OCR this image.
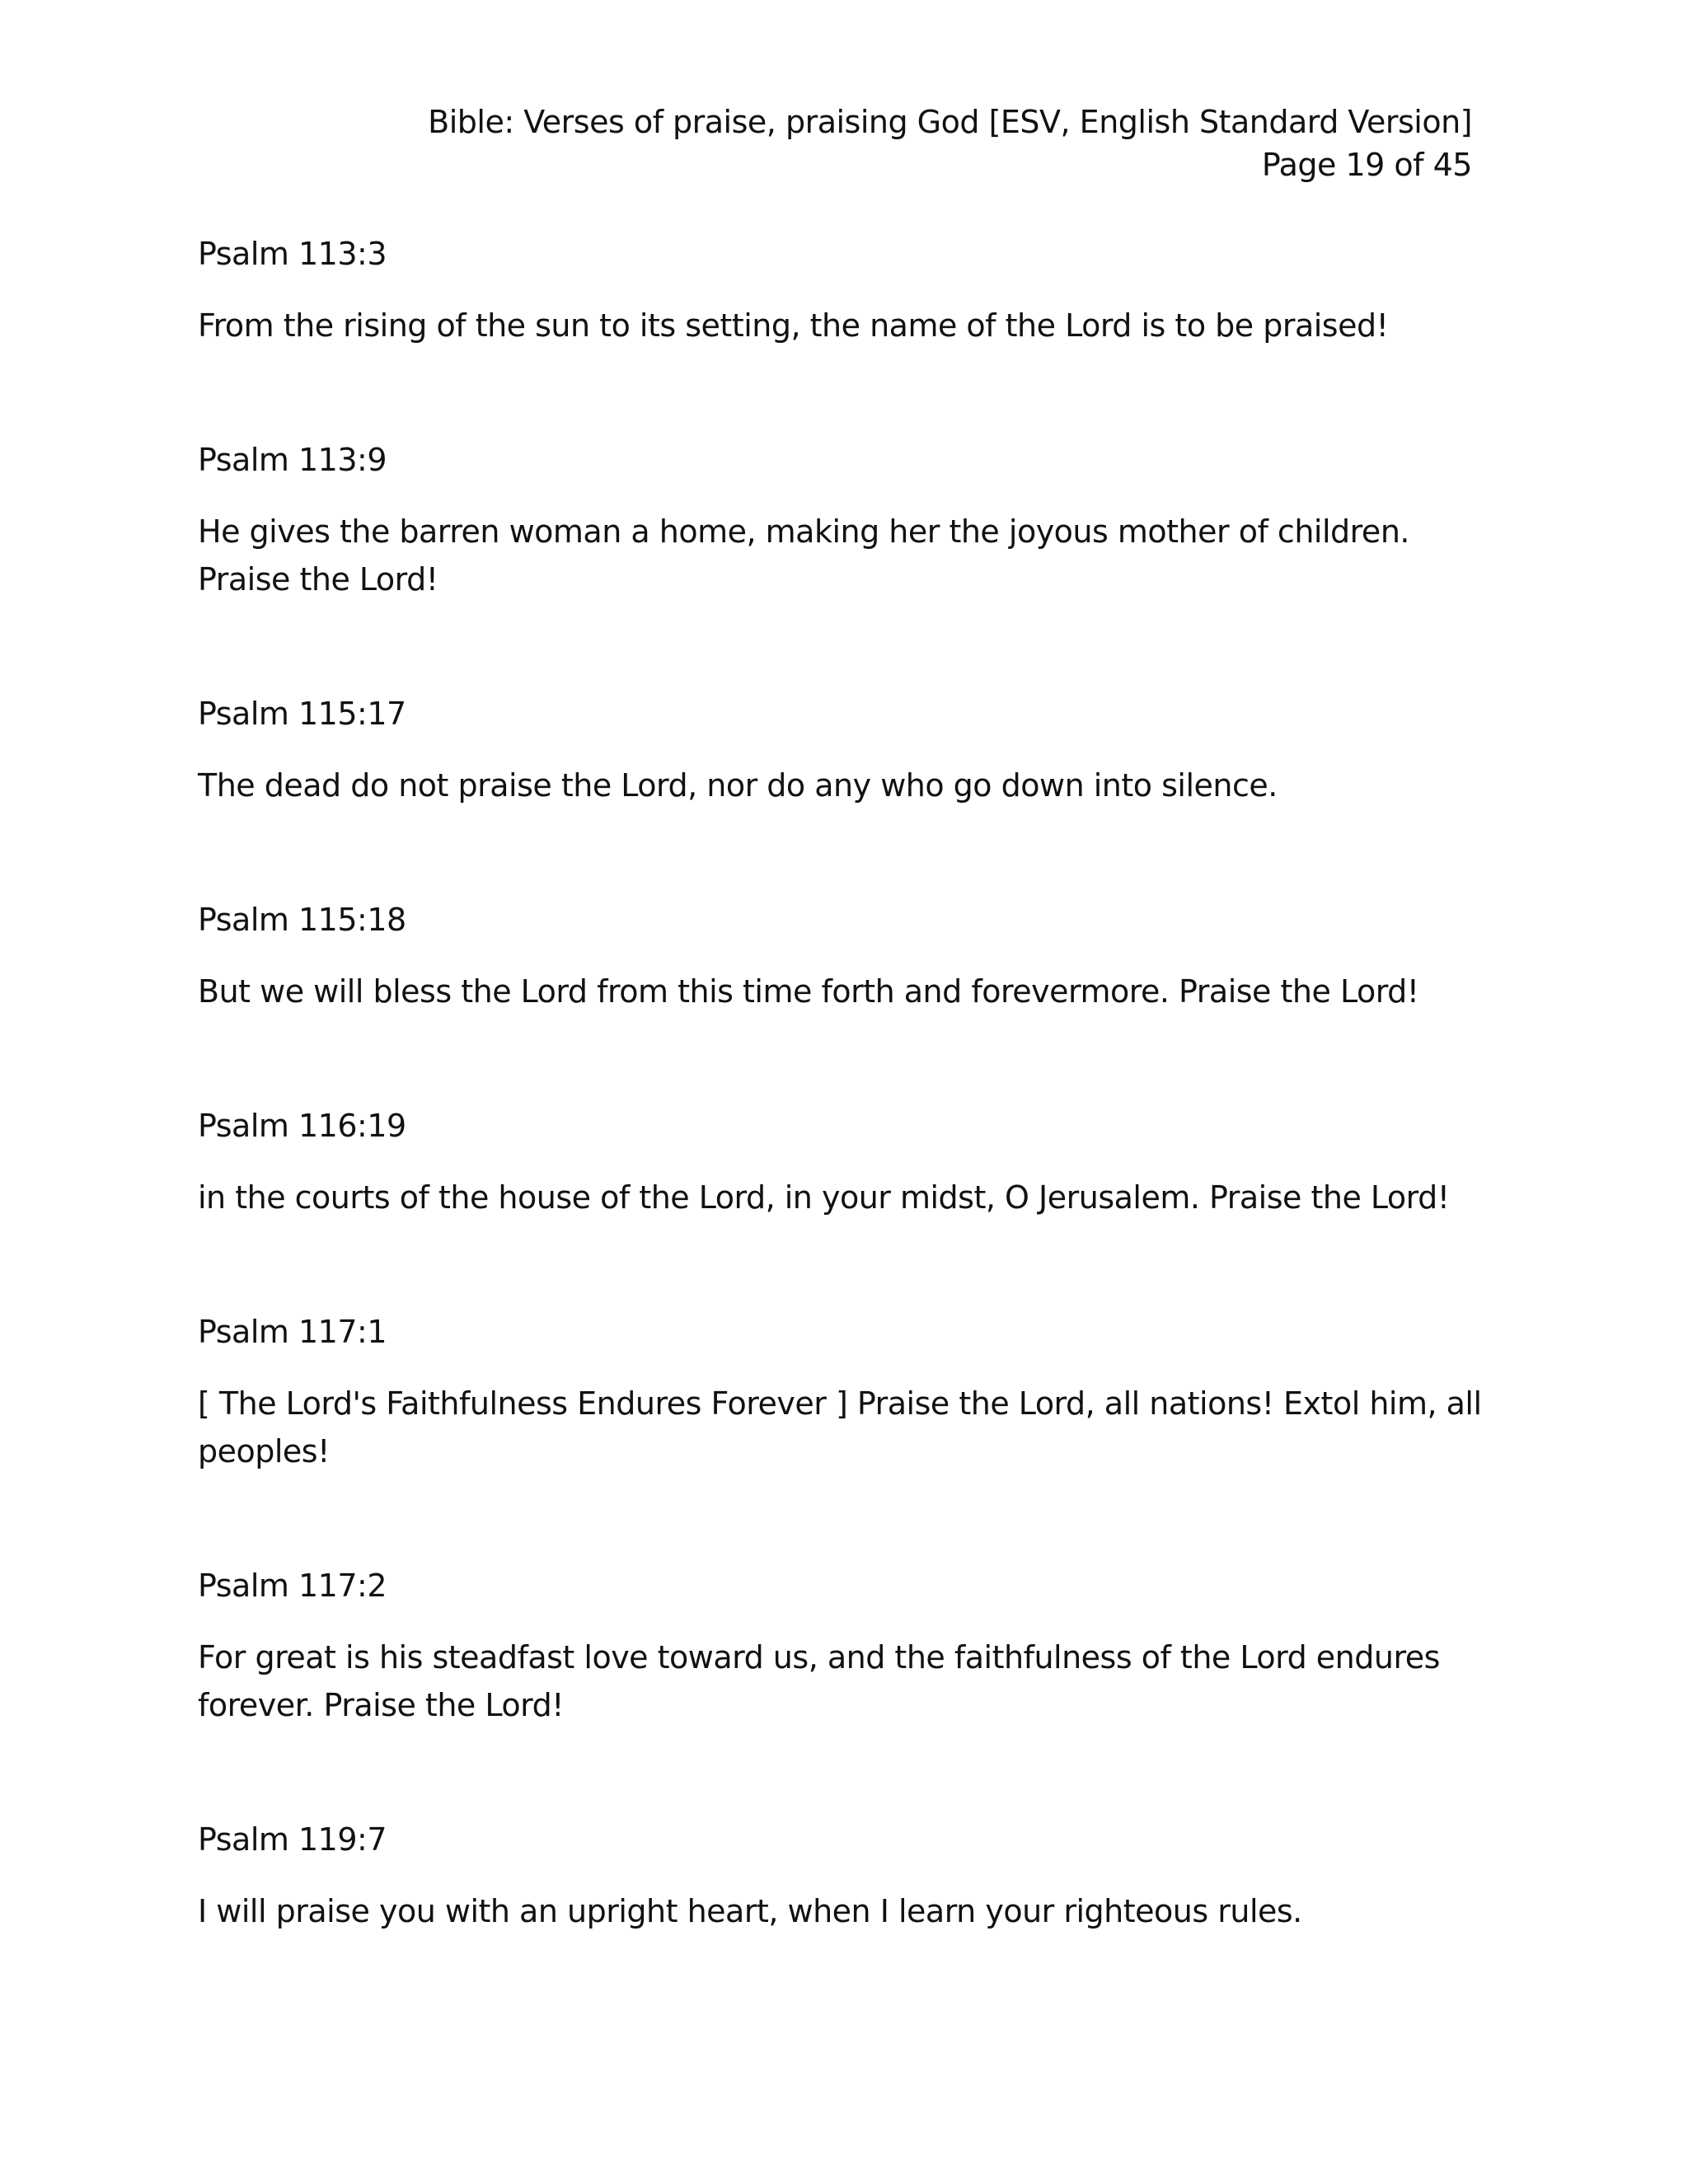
Bible: Verses of praise, praising God [ESV, English Standard Version]
Page 19 of 45

Psalm 113:3

From the rising of the sun to its setting, the name of the Lord is to be praised!

Psalm 113:9

He gives the barren woman a home, making her the joyous mother of children. Praise the Lord!

Psalm 115:17

The dead do not praise the Lord, nor do any who go down into silence.

Psalm 115:18

But we will bless the Lord from this time forth and forevermore. Praise the Lord!

Psalm 116:19

in the courts of the house of the Lord, in your midst, O Jerusalem. Praise the Lord!

Psalm 117:1

[ The Lord's Faithfulness Endures Forever ] Praise the Lord, all nations! Extol him, all peoples!

Psalm 117:2

For great is his steadfast love toward us, and the faithfulness of the Lord endures forever. Praise the Lord!

Psalm 119:7

I will praise you with an upright heart, when I learn your righteous rules.
